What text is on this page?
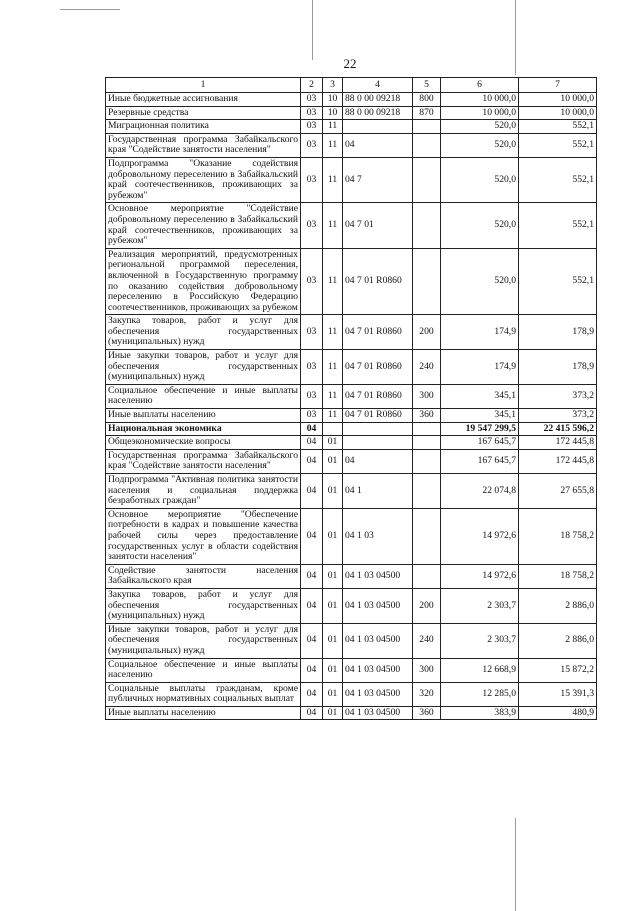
22
1	2	3	4	5	6	7
Иные бюджетные ассигнования	03	10	88 0 00 09218	800	10 000,0	10 000,0
Резервные средства	03	10	88 0 00 09218	870	10 000,0	10 000,0
Миграционная политика	03	11			520,0	552,1
Государственная программа Забайкальского края "Содействие занятости населения"	03	11	04		520,0	552,1
Подпрограмма "Оказание содействия добровольному переселению в Забайкальский край соотечественников, проживающих за рубежом"	03	11	04 7		520,0	552,1
Основное мероприятие "Содействие добровольному переселению в Забайкальский край соотечественников, проживающих за рубежом"	03	11	04 7 01		520,0	552,1
Реализация мероприятий, предусмотренных региональной программой переселения, включенной в Государственную программу по оказанию содействия добровольному переселению в Российскую Федерацию соотечественников, проживающих за рубежом	03	11	04 7 01 R0860		520,0	552,1
Закупка товаров, работ и услуг для обеспечения государственных (муниципальных) нужд	03	11	04 7 01 R0860	200	174,9	178,9
Иные закупки товаров, работ и услуг для обеспечения государственных (муниципальных) нужд	03	11	04 7 01 R0860	240	174,9	178,9
Социальное обеспечение и иные выплаты населению	03	11	04 7 01 R0860	300	345,1	373,2
Иные выплаты населению	03	11	04 7 01 R0860	360	345,1	373,2
Национальная экономика	04				19 547 299,5	22 415 596,2
Общеэкономические вопросы	04	01			167 645,7	172 445,8
Государственная программа Забайкальского края "Содействие занятости населения"	04	01	04		167 645,7	172 445,8
Подпрограмма "Активная политика занятости населения и социальная поддержка безработных граждан"	04	01	04 1		22 074,8	27 655,8
Основное мероприятие "Обеспечение потребности в кадрах и повышение качества рабочей силы через предоставление государственных услуг в области содействия занятости населения"	04	01	04 1 03		14 972,6	18 758,2
Содействие занятости населения Забайкальского края	04	01	04 1 03 04500		14 972,6	18 758,2
Закупка товаров, работ и услуг для обеспечения государственных (муниципальных) нужд	04	01	04 1 03 04500	200	2 303,7	2 886,0
Иные закупки товаров, работ и услуг для обеспечения государственных (муниципальных) нужд	04	01	04 1 03 04500	240	2 303,7	2 886,0
Социальное обеспечение и иные выплаты населению	04	01	04 1 03 04500	300	12 668,9	15 872,2
Социальные выплаты гражданам, кроме публичных нормативных социальных выплат	04	01	04 1 03 04500	320	12 285,0	15 391,3
Иные выплаты населению	04	01	04 1 03 04500	360	383,9	480,9
